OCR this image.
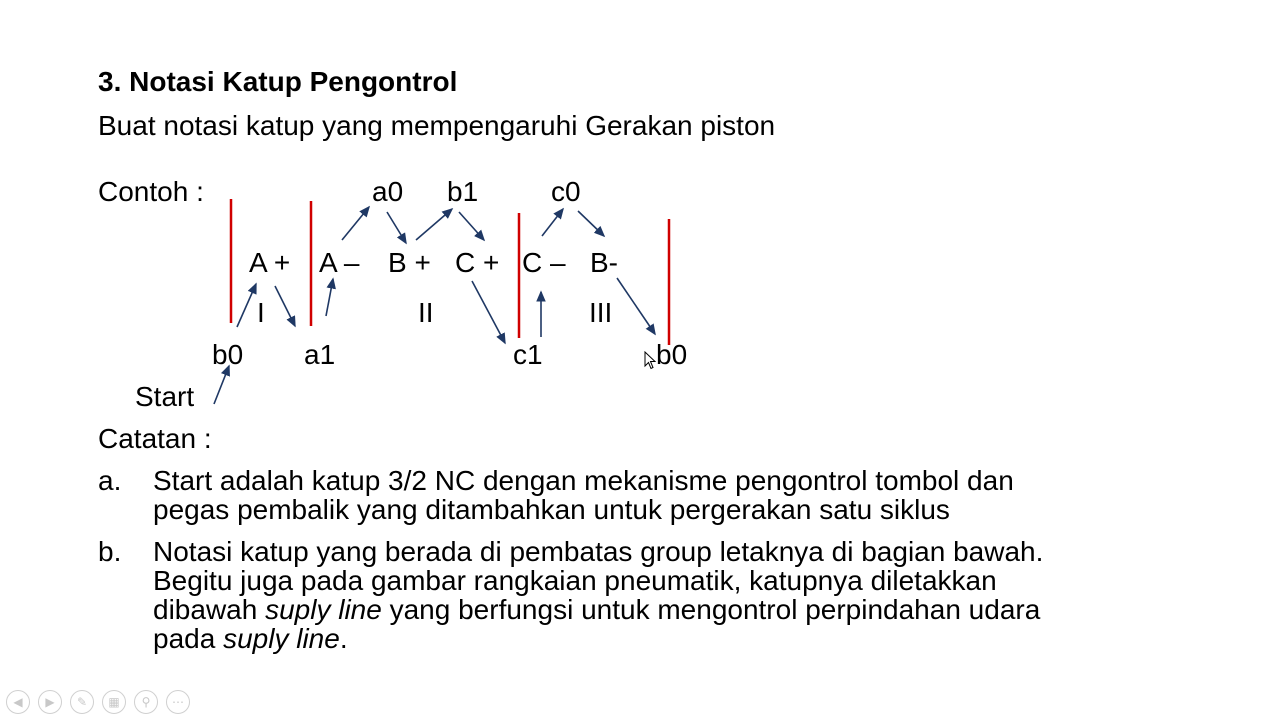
3. Notasi Katup Pengontrol
Buat notasi katup yang mempengaruhi Gerakan piston
Contoh :	a0 b1	c0
A + A – B + C + C – B-
I	II	III
b0 a1	c1	b0
Start
Catatan :
a. Start adalah katup 3/2 NC dengan mekanisme pengontrol tombol dan
pegas pembalik yang ditambahkan untuk pergerakan satu siklus
b. Notasi katup yang berada di pembatas group letaknya di bagian bawah.
Begitu juga pada gambar rangkaian pneumatik, katupnya diletakkan
dibawah suply line yang berfungsi untuk mengontrol perpindahan udara
pada suply line.
◀	▶	✎	▦	⚲	⋯
